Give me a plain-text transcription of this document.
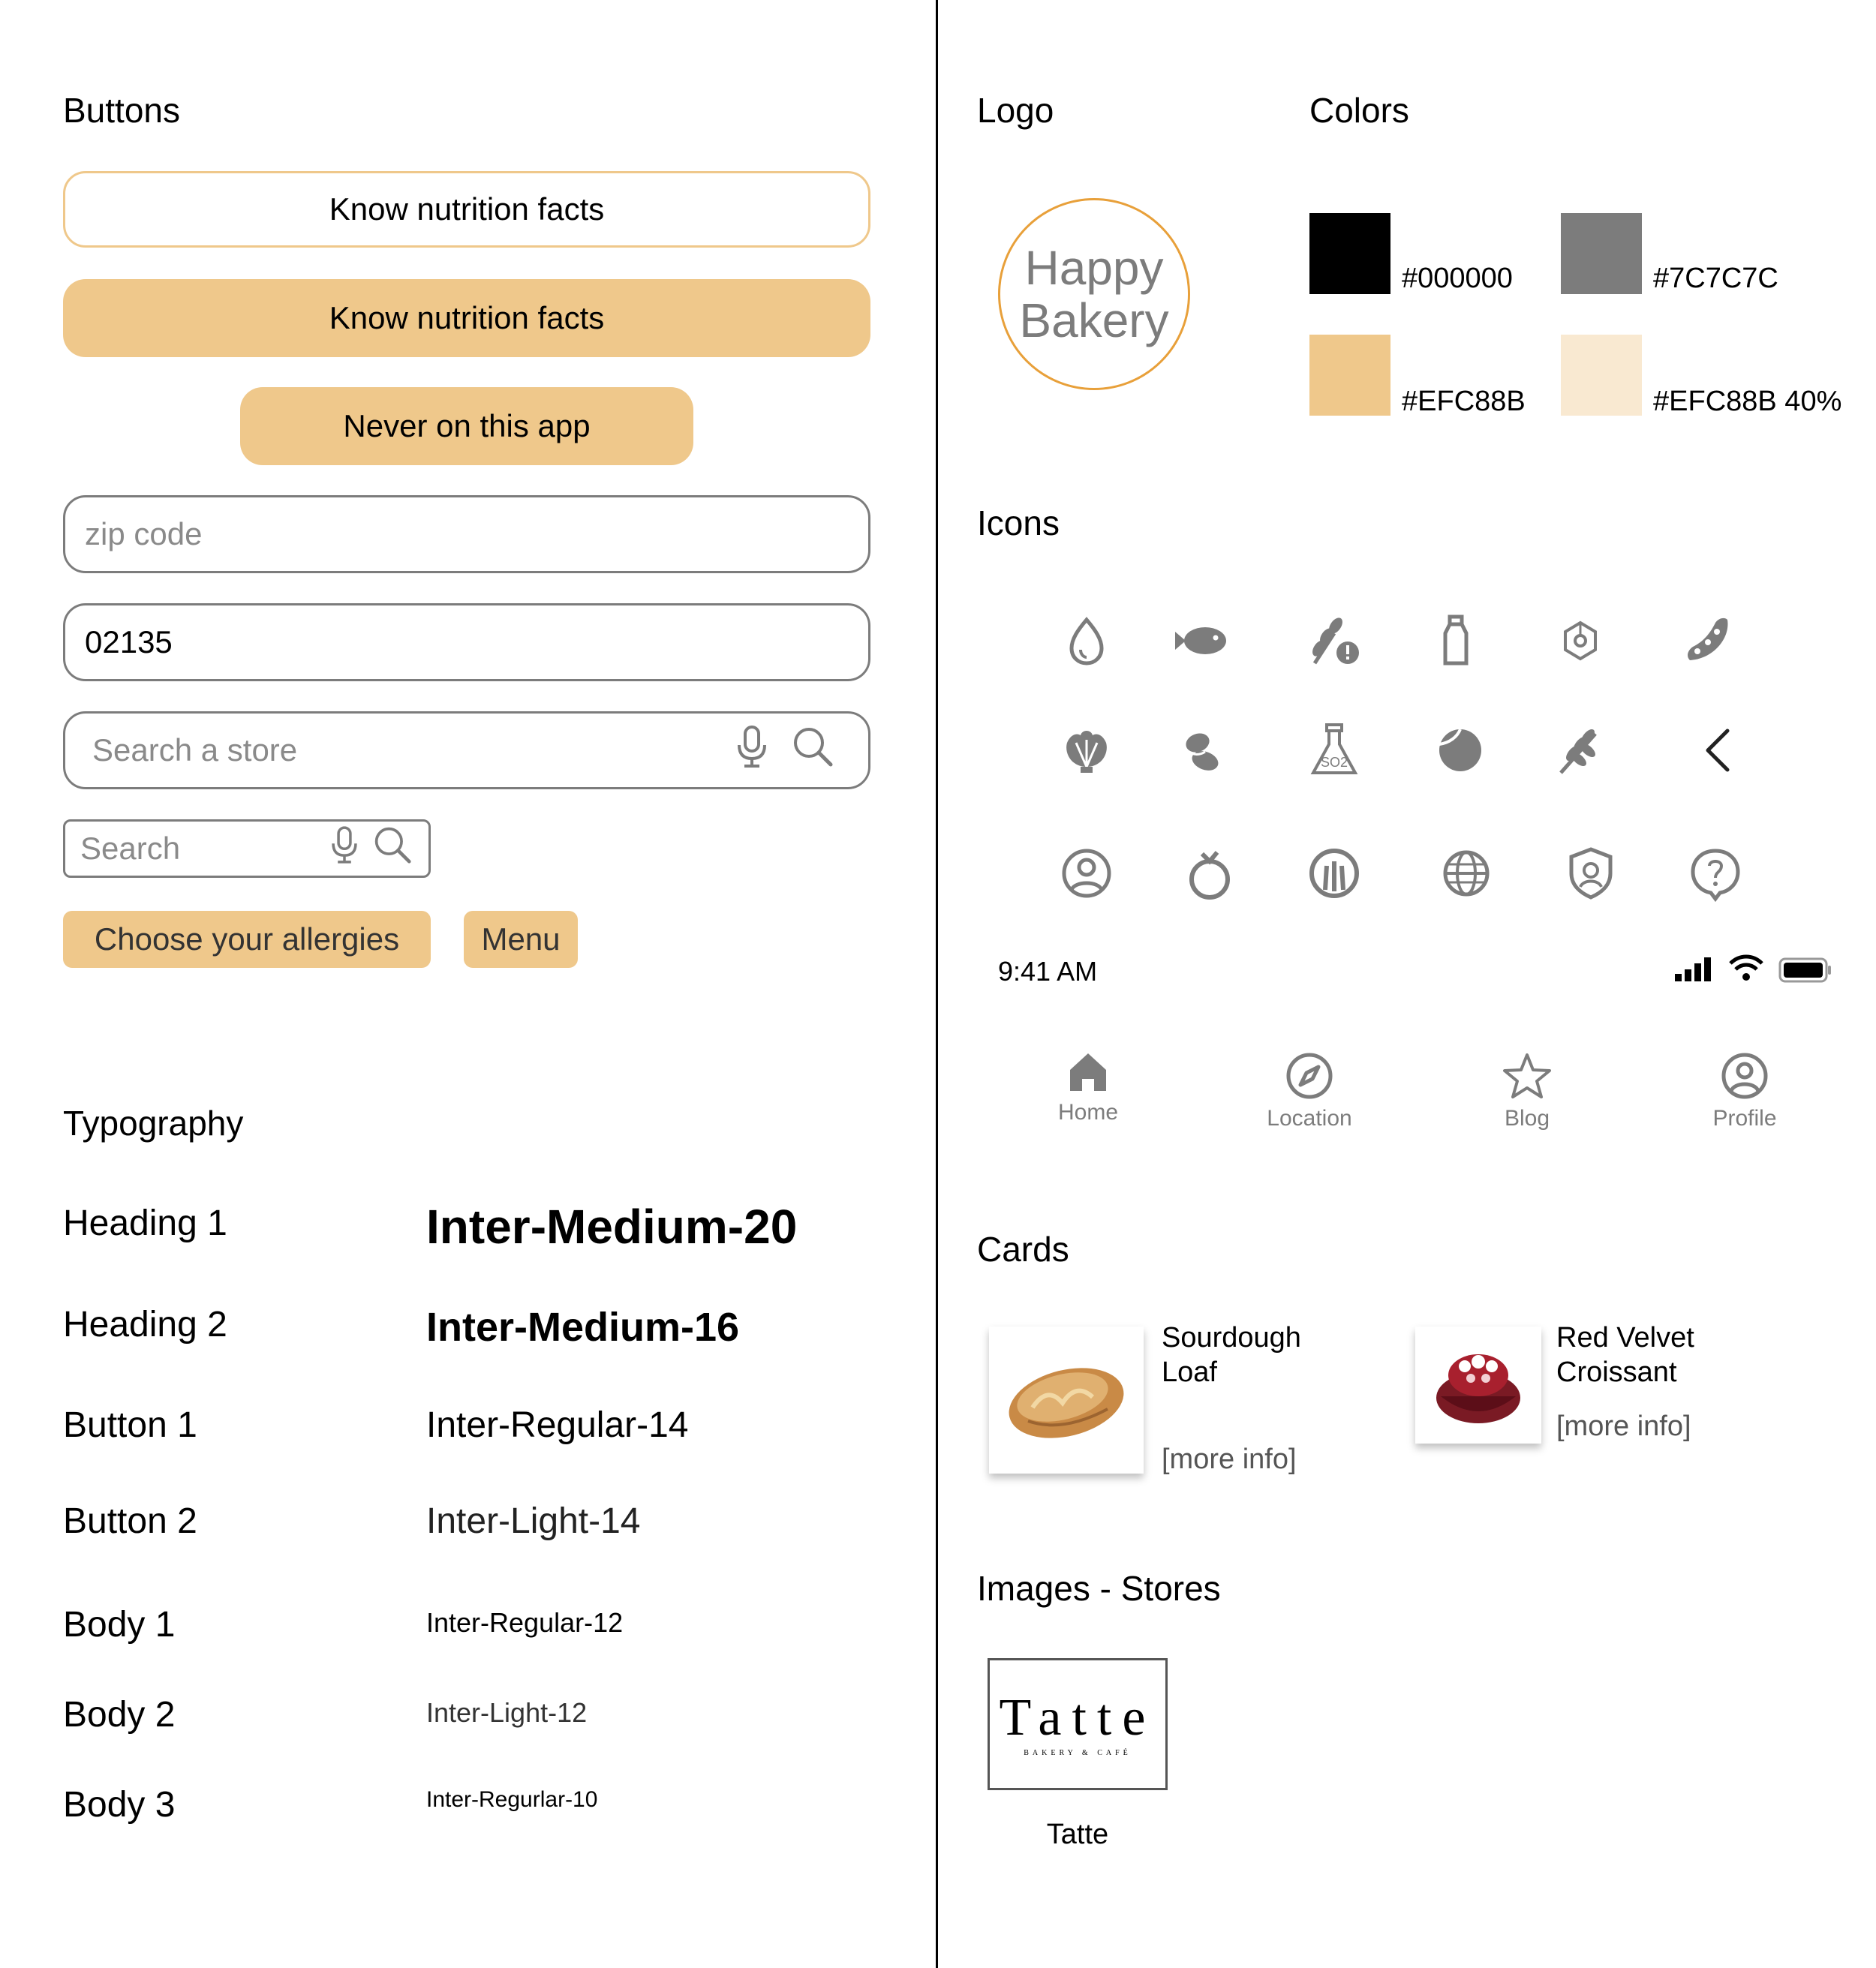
Buttons
Know nutrition facts
Know nutrition facts
Never on this app
zip code
02135
Search a store
Search
Choose your allergies	Menu
Typography
Heading 1	Inter-Medium-20
Heading 2	Inter-Medium-16
Button 1	Inter-Regular-14
Button 2	Inter-Light-14
Body 1	Inter-Regular-12
Body 2	Inter-Light-12
Body 3	Inter-Regurlar-10
Logo	Colors
Happy
Bakery
#000000	#7C7C7C
#EFC88B	#EFC88B 40%
Icons
SO2
9:41 AM
Home	Location	Blog	Profile
Cards
Sourdough
Loaf
[more info]
Red Velvet
Croissant
[more info]
Images - Stores
Tatte
BAKERY & CAFÉ
Tatte
